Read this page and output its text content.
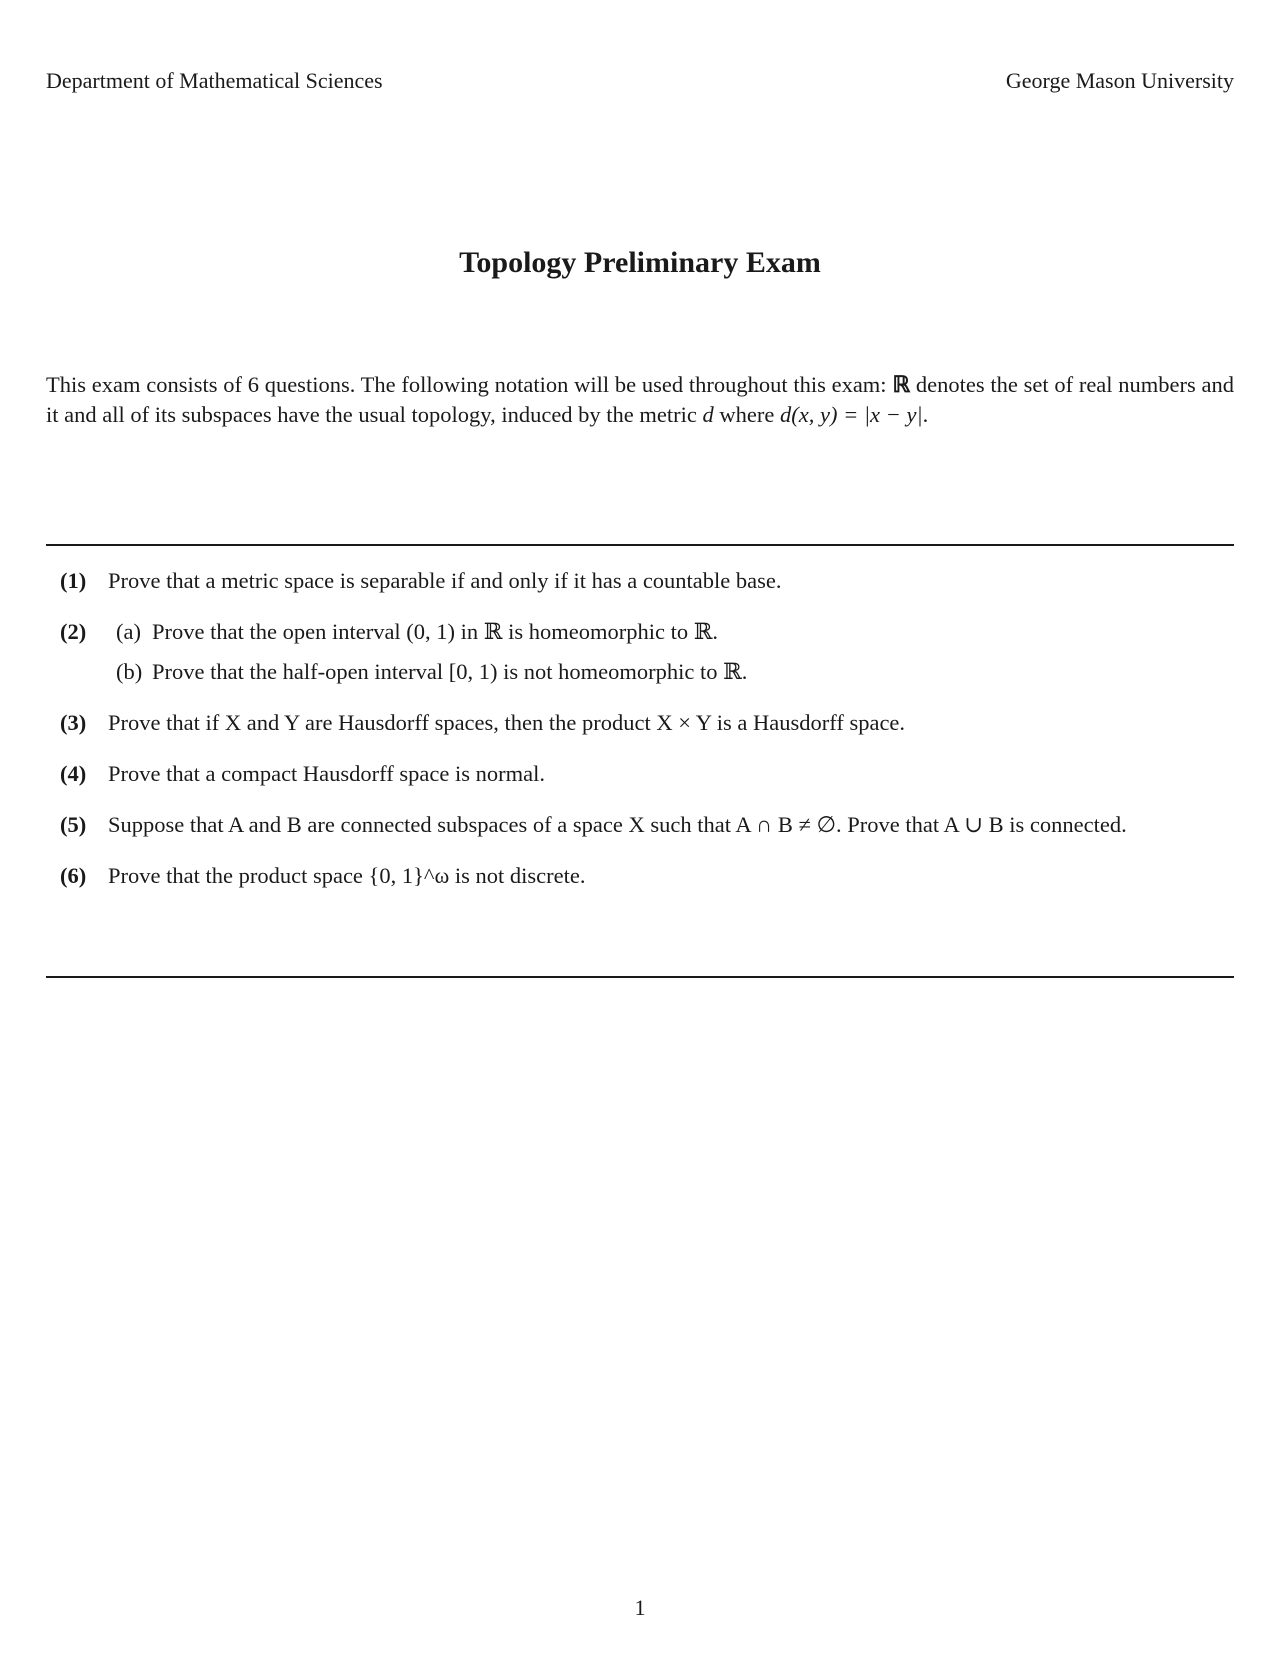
Department of Mathematical Sciences	George Mason University
Topology Preliminary Exam
This exam consists of 6 questions. The following notation will be used throughout this exam: ℝ denotes the set of real numbers and it and all of its subspaces have the usual topology, induced by the metric d where d(x, y) = |x − y|.
(1) Prove that a metric space is separable if and only if it has a countable base.
(2) (a) Prove that the open interval (0, 1) in ℝ is homeomorphic to ℝ.
(b) Prove that the half-open interval [0, 1) is not homeomorphic to ℝ.
(3) Prove that if X and Y are Hausdorff spaces, then the product X × Y is a Hausdorff space.
(4) Prove that a compact Hausdorff space is normal.
(5) Suppose that A and B are connected subspaces of a space X such that A ∩ B ≠ ∅. Prove that A ∪ B is connected.
(6) Prove that the product space {0, 1}^ω is not discrete.
1
